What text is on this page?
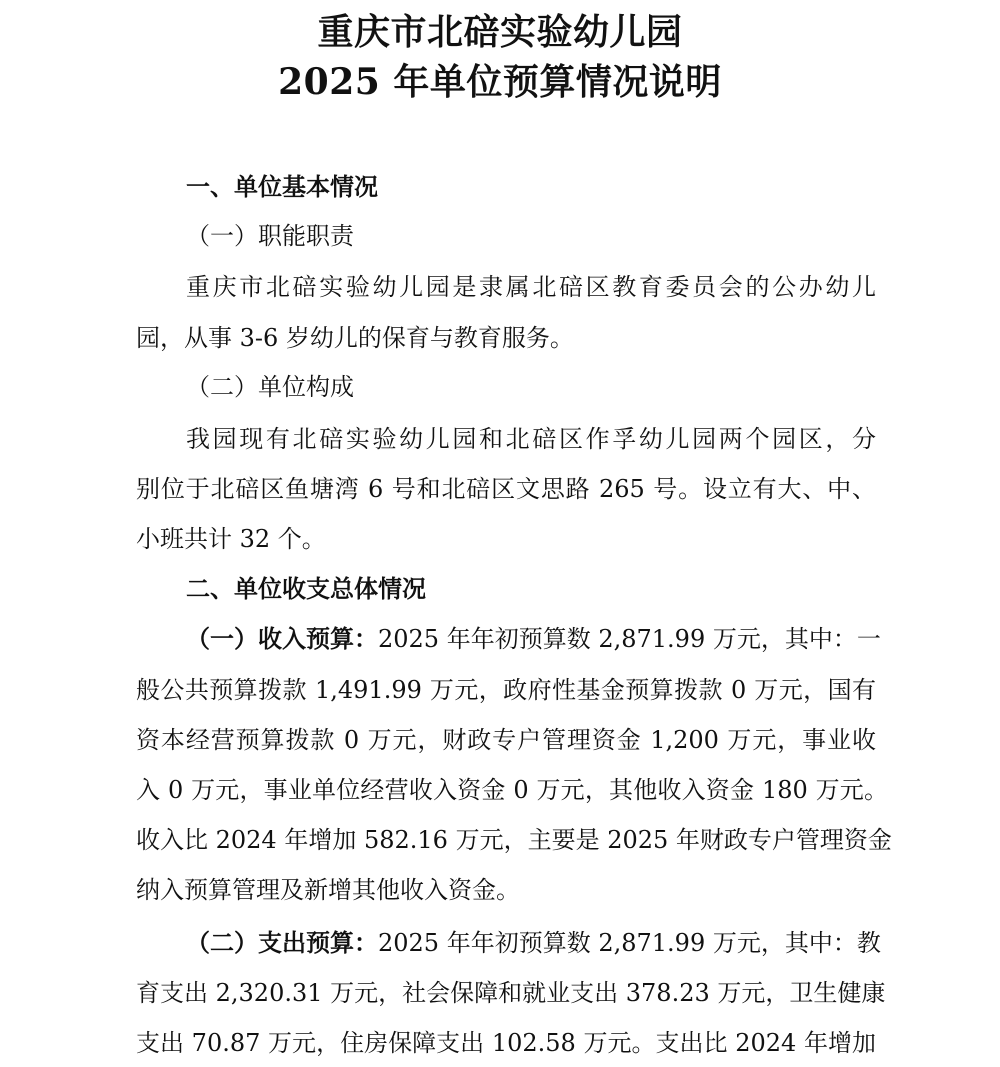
重庆市北碚实验幼儿园
2025 年单位预算情况说明

一、单位基本情况

（一）职能职责

重庆市北碚实验幼儿园是隶属北碚区教育委员会的公办幼儿

园，从事 3-6 岁幼儿的保育与教育服务。

（二）单位构成

我园现有北碚实验幼儿园和北碚区作孚幼儿园两个园区，分

别位于北碚区鱼塘湾 6 号和北碚区文思路 265 号。设立有大、中、

小班共计 32 个。

二、单位收支总体情况

（一）收入预算： 2025 年年初预算数 2,871.99 万元，其中：一

般公共预算拨款 1,491.99 万元，政府性基金预算拨款 0 万元，国有

资本经营预算拨款 0 万元，财政专户管理资金 1,200 万元，事业收

入 0 万元，事业单位经营收入资金 0 万元，其他收入资金 180 万元。

收入比 2024 年增加 582.16 万元，主要是 2025 年财政专户管理资金

纳入预算管理及新增其他收入资金。

（二）支出预算： 2025 年年初预算数 2,871.99 万元，其中：教

育支出 2,320.31 万元，社会保障和就业支出 378.23 万元，卫生健康

支出 70.87 万元，住房保障支出 102.58 万元。支出比 2024 年增加
